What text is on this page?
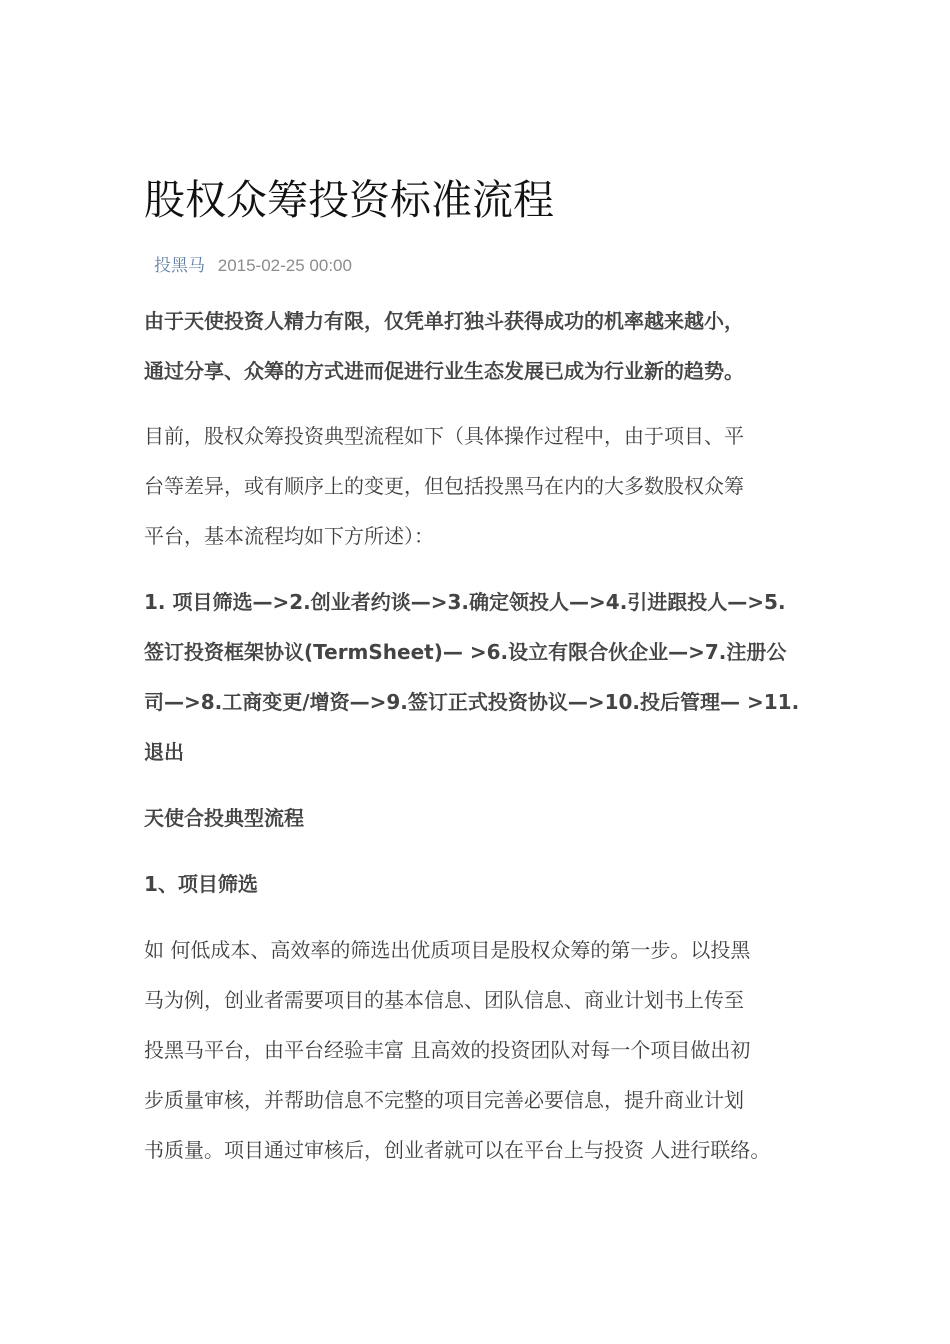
股权众筹投资标准流程
投黑马 2015-02-25 00:00

由于天使投资人精力有限，仅凭单打独斗获得成功的机率越来越小，
通过分享、众筹的方式进而促进行业生态发展已成为行业新的趋势。

目前，股权众筹投资典型流程如下（具体操作过程中，由于项目、平
台等差异，或有顺序上的变更，但包括投黑马在内的大多数股权众筹
平台，基本流程均如下方所述）：

1. 项目筛选—>2.创业者约谈—>3.确定领投人—>4.引进跟投人—>5.
签订投资框架协议(TermSheet)— >6.设立有限合伙企业—>7.注册公
司—>8.工商变更/增资—>9.签订正式投资协议—>10.投后管理— >11.
退出

天使合投典型流程

1、项目筛选

如 何低成本、高效率的筛选出优质项目是股权众筹的第一步。以投黑
马为例，创业者需要项目的基本信息、团队信息、商业计划书上传至
投黑马平台，由平台经验丰富 且高效的投资团队对每一个项目做出初
步质量审核，并帮助信息不完整的项目完善必要信息，提升商业计划
书质量。项目通过审核后，创业者就可以在平台上与投资 人进行联络。
